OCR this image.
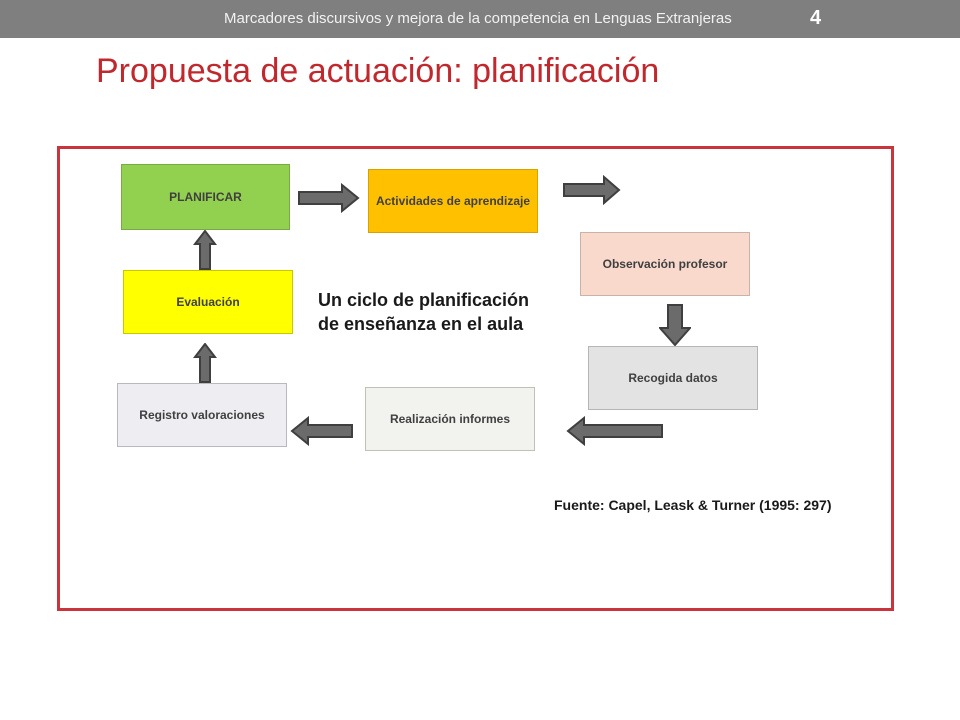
Marcadores discursivos y mejora de la competencia en Lenguas Extranjeras	4
Propuesta de actuación: planificación
PLANIFICAR	Actividades de aprendizaje
Observación profesor
Evaluación
Recogida datos
Registro valoraciones	Realización informes
Un ciclo de planificación
de enseñanza en el aula
Fuente: Capel, Leask & Turner (1995: 297)
